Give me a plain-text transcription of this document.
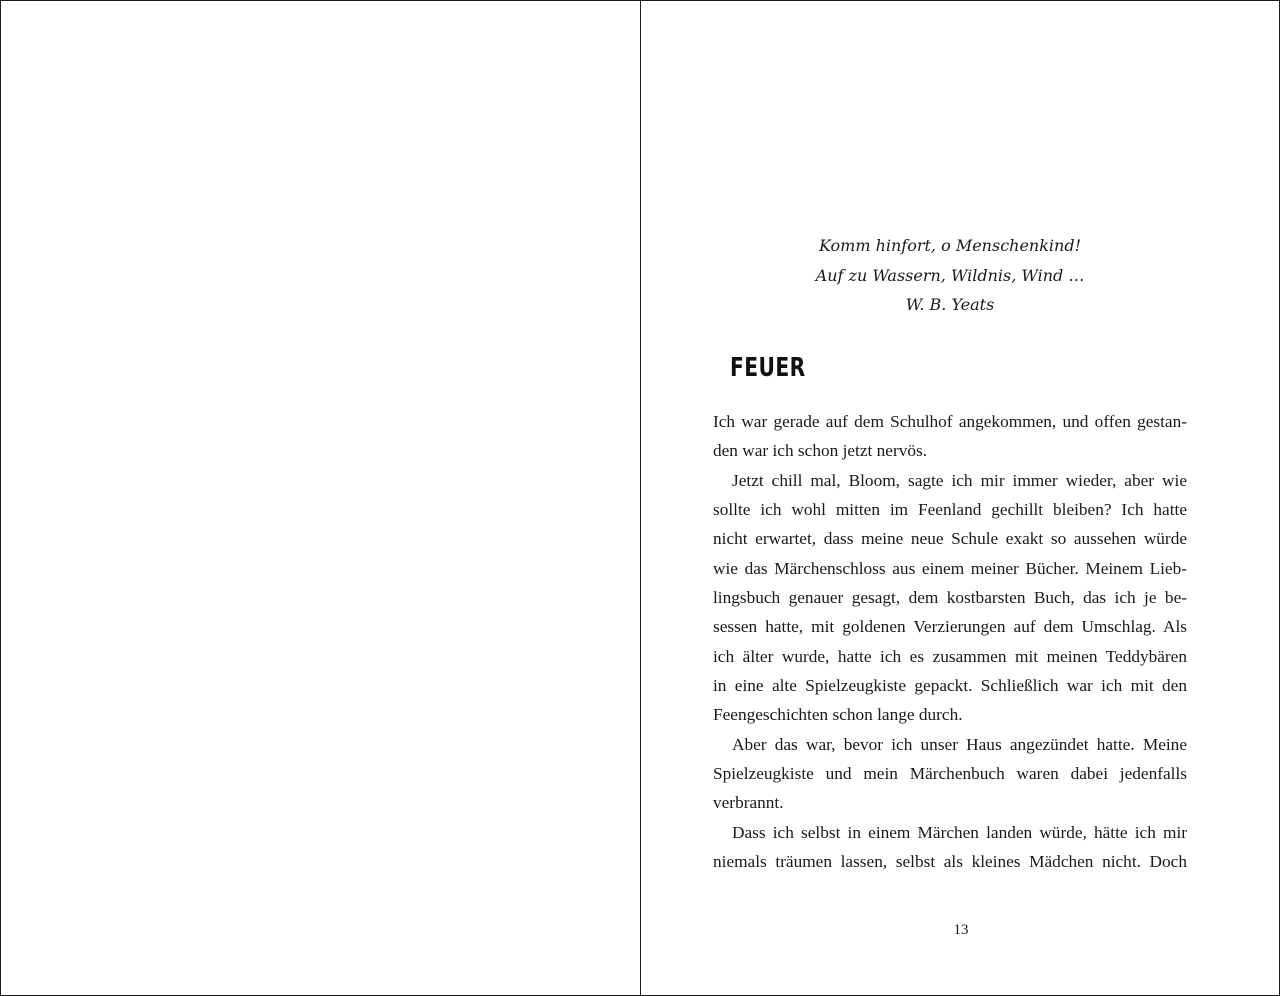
Komm hinfort, o Menschenkind!
Auf zu Wassern, Wildnis, Wind …
W. B. Yeats
FEUER
Ich war gerade auf dem Schulhof angekommen, und offen gestan-
den war ich schon jetzt nervös.
Jetzt chill mal, Bloom, sagte ich mir immer wieder, aber wie
sollte ich wohl mitten im Feenland gechillt bleiben? Ich hatte
nicht erwartet, dass meine neue Schule exakt so aussehen würde
wie das Märchenschloss aus einem meiner Bücher. Meinem Lieb-
lingsbuch genauer gesagt, dem kostbarsten Buch, das ich je be-
sessen hatte, mit goldenen Verzierungen auf dem Umschlag. Als
ich älter wurde, hatte ich es zusammen mit meinen Teddybären
in eine alte Spielzeugkiste gepackt. Schließlich war ich mit den
Feengeschichten schon lange durch.
Aber das war, bevor ich unser Haus angezündet hatte. Meine
Spielzeugkiste und mein Märchenbuch waren dabei jedenfalls
verbrannt.
Dass ich selbst in einem Märchen landen würde, hätte ich mir
niemals träumen lassen, selbst als kleines Mädchen nicht. Doch
13
